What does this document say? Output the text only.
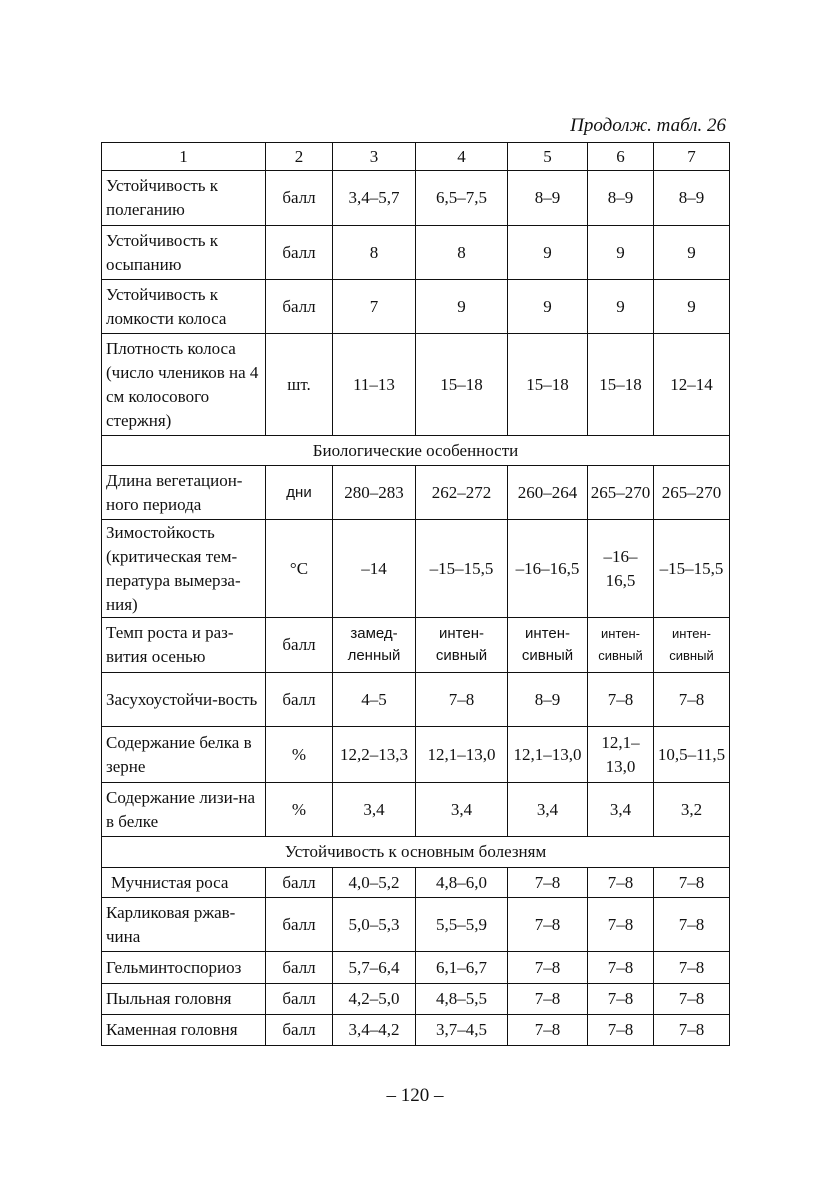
Продолж. табл. 26
1	2	3	4	5	6	7
Устойчивость к полеганию	балл	3,4–5,7	6,5–7,5	8–9	8–9	8–9
Устойчивость к осыпанию	балл	8	8	9	9	9
Устойчивость к ломкости колоса	балл	7	9	9	9	9
Плотность колоса (число члеников на 4 см колосового стержня)	шт.	11–13	15–18	15–18	15–18	12–14
Биологические особенности						
Длина вегетацион-ного периода	дни	280–283	262–272	260–264	265–270	265–270
Зимостойкость (критическая тем-пература вымерза-ния)	°С	–14	–15–15,5	–16–16,5	–16–16,5	–15–15,5
Темп роста и раз-вития осенью	балл	замед-ленный	интен-сивный	интен-сивный	интен-сивный	интен-сивный
Засухоустойчи-вость	балл	4–5	7–8	8–9	7–8	7–8
Содержание белка в зерне	%	12,2–13,3	12,1–13,0	12,1–13,0	12,1–13,0	10,5–11,5
Содержание лизи-на в белке	%	3,4	3,4	3,4	3,4	3,2
Устойчивость к основным болезням						
Мучнистая роса	балл	4,0–5,2	4,8–6,0	7–8	7–8	7–8
Карликовая ржав-чина	балл	5,0–5,3	5,5–5,9	7–8	7–8	7–8
Гельминтоспориоз	балл	5,7–6,4	6,1–6,7	7–8	7–8	7–8
Пыльная головня	балл	4,2–5,0	4,8–5,5	7–8	7–8	7–8
Каменная головня	балл	3,4–4,2	3,7–4,5	7–8	7–8	7–8
– 120 –
